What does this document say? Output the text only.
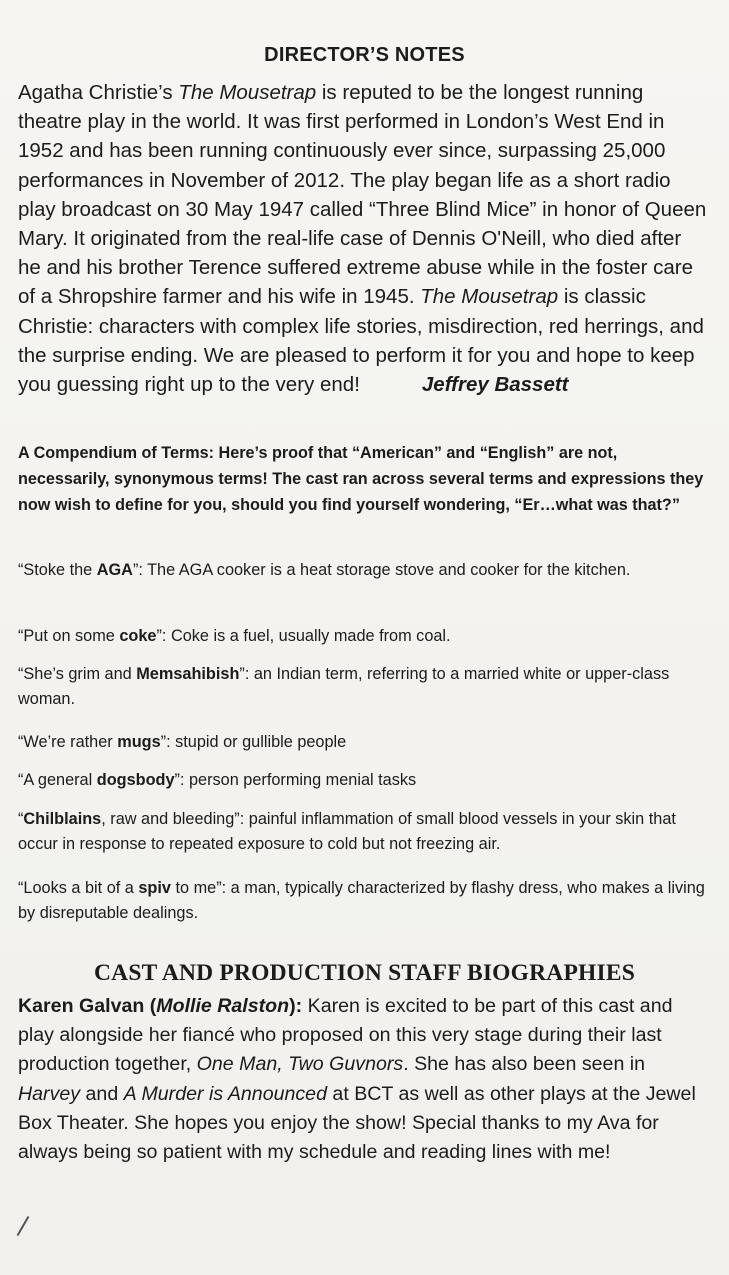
DIRECTOR’S NOTES
Agatha Christie’s The Mousetrap is reputed to be the longest running theatre play in the world. It was first performed in London’s West End in 1952 and has been running continuously ever since, surpassing 25,000 performances in November of 2012. The play began life as a short radio play broadcast on 30 May 1947 called “Three Blind Mice” in honor of Queen Mary. It originated from the real-life case of Dennis O'Neill, who died after he and his brother Terence suffered extreme abuse while in the foster care of a Shropshire farmer and his wife in 1945. The Mousetrap is classic Christie: characters with complex life stories, misdirection, red herrings, and the surprise ending. We are pleased to perform it for you and hope to keep you guessing right up to the very end!	Jeffrey Bassett
A Compendium of Terms: Here’s proof that “American” and “English” are not, necessarily, synonymous terms! The cast ran across several terms and expressions they now wish to define for you, should you find yourself wondering, “Er…what was that?”
“Stoke the AGA”: The AGA cooker is a heat storage stove and cooker for the kitchen.
“Put on some coke”: Coke is a fuel, usually made from coal.
“She’s grim and Memsahibish”: an Indian term, referring to a married white or upper-class woman.
“We’re rather mugs”: stupid or gullible people
“A general dogsbody”: person performing menial tasks
“Chilblains, raw and bleeding”: painful inflammation of small blood vessels in your skin that occur in response to repeated exposure to cold but not freezing air.
“Looks a bit of a spiv to me”: a man, typically characterized by flashy dress, who makes a living by disreputable dealings.
CAST AND PRODUCTION STAFF BIOGRAPHIES
Karen Galvan (Mollie Ralston): Karen is excited to be part of this cast and play alongside her fiancé who proposed on this very stage during their last production together, One Man, Two Guvnors. She has also been seen in Harvey and A Murder is Announced at BCT as well as other plays at the Jewel Box Theater. She hopes you enjoy the show! Special thanks to my Ava for always being so patient with my schedule and reading lines with me!
